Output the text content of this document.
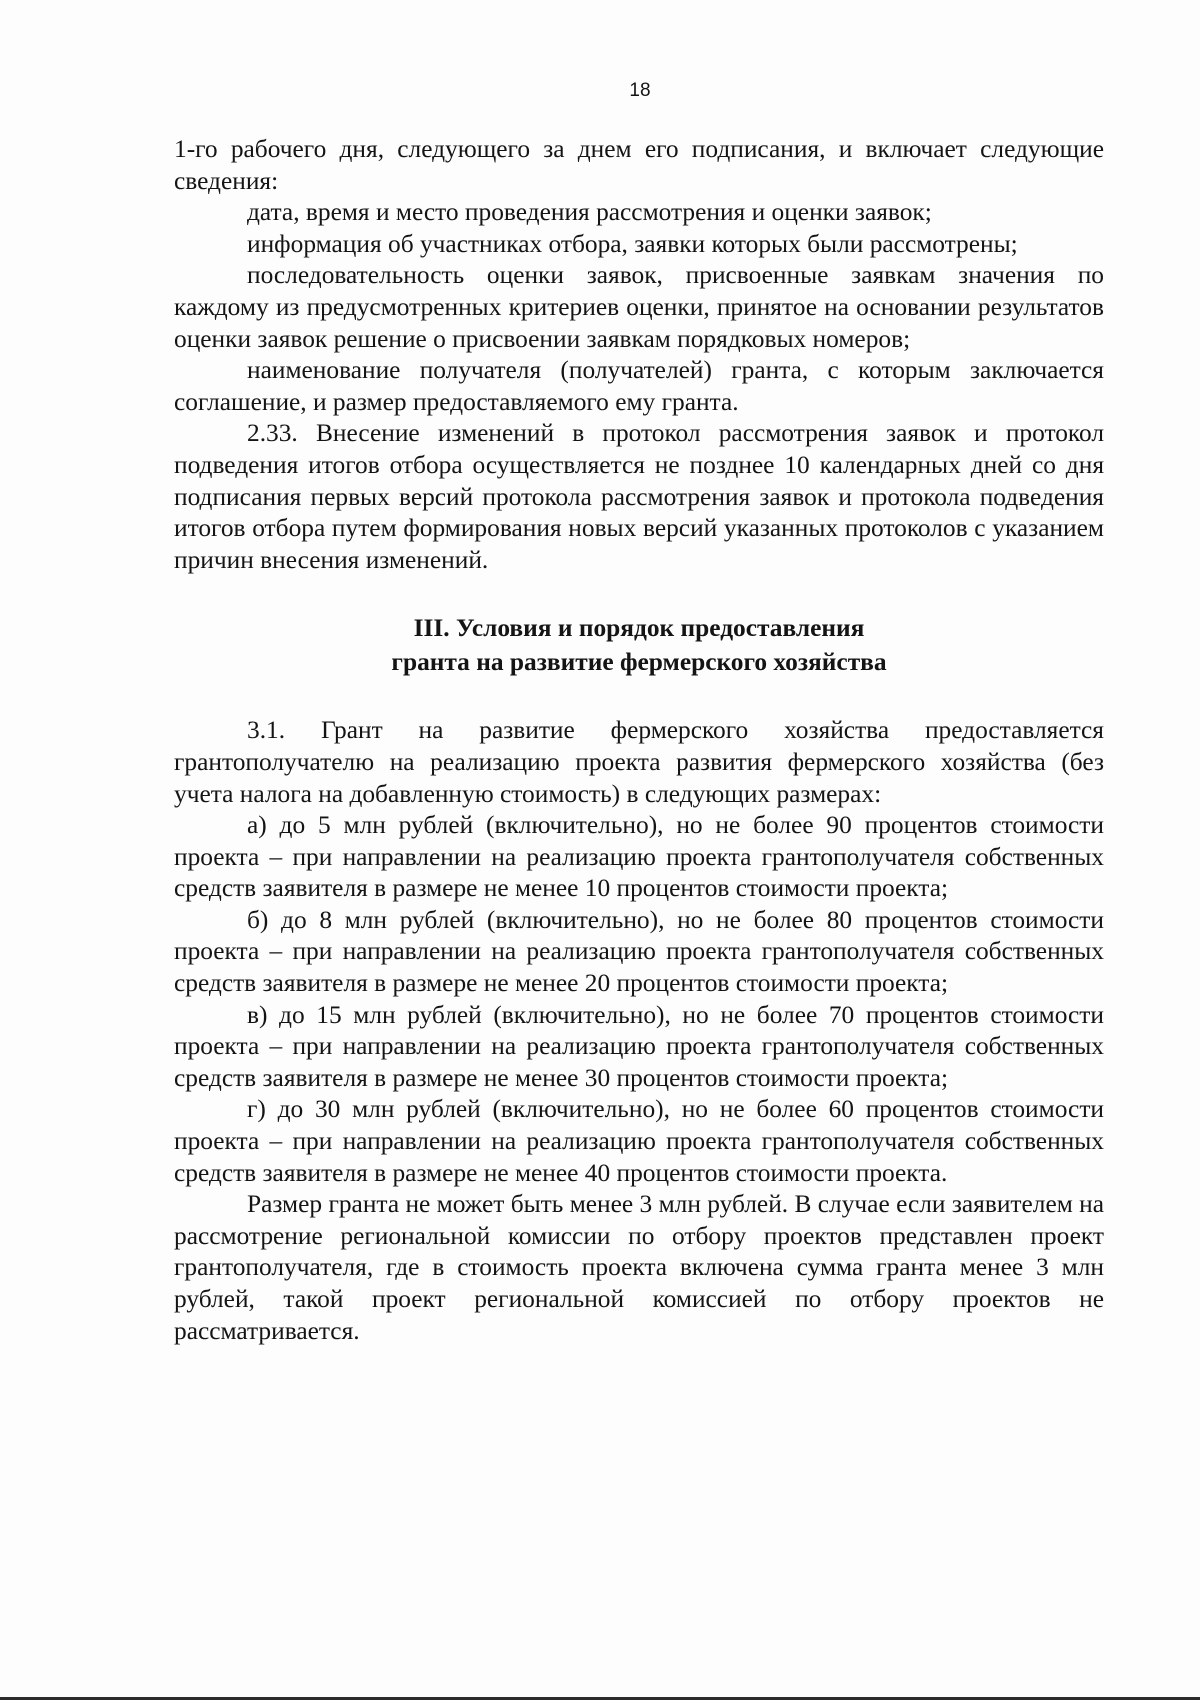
18

1-го рабочего дня, следующего за днем его подписания, и включает следующие сведения:

дата, время и место проведения рассмотрения и оценки заявок;

информация об участниках отбора, заявки которых были рассмотрены;

последовательность оценки заявок, присвоенные заявкам значения по каждому из предусмотренных критериев оценки, принятое на основании результатов оценки заявок решение о присвоении заявкам порядковых номеров;

наименование получателя (получателей) гранта, с которым заключается соглашение, и размер предоставляемого ему гранта.

2.33. Внесение изменений в протокол рассмотрения заявок и протокол подведения итогов отбора осуществляется не позднее 10 календарных дней со дня подписания первых версий протокола рассмотрения заявок и протокола подведения итогов отбора путем формирования новых версий указанных протоколов с указанием причин внесения изменений.

III. Условия и порядок предоставления
гранта на развитие фермерского хозяйства

3.1. Грант на развитие фермерского хозяйства предоставляется грантополучателю на реализацию проекта развития фермерского хозяйства (без учета налога на добавленную стоимость) в следующих размерах:

а) до 5 млн рублей (включительно), но не более 90 процентов стоимости проекта – при направлении на реализацию проекта грантополучателя собственных средств заявителя в размере не менее 10 процентов стоимости проекта;

б) до 8 млн рублей (включительно), но не более 80 процентов стоимости проекта – при направлении на реализацию проекта грантополучателя собственных средств заявителя в размере не менее 20 процентов стоимости проекта;

в) до 15 млн рублей (включительно), но не более 70 процентов стоимости проекта – при направлении на реализацию проекта грантополучателя собственных средств заявителя в размере не менее 30 процентов стоимости проекта;

г) до 30 млн рублей (включительно), но не более 60 процентов стоимости проекта – при направлении на реализацию проекта грантополучателя собственных средств заявителя в размере не менее 40 процентов стоимости проекта.

Размер гранта не может быть менее 3 млн рублей. В случае если заявителем на рассмотрение региональной комиссии по отбору проектов представлен проект грантополучателя, где в стоимость проекта включена сумма гранта менее 3 млн рублей, такой проект региональной комиссией по отбору проектов не рассматривается.
